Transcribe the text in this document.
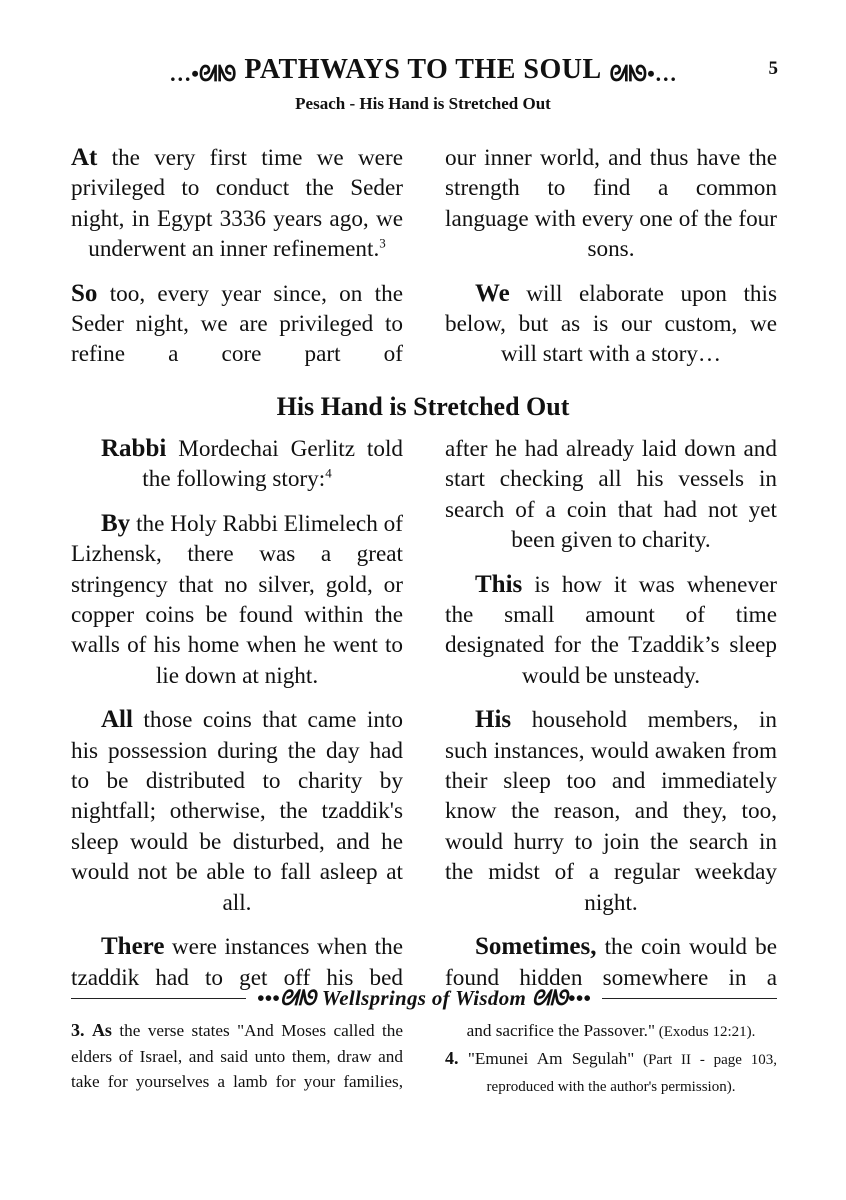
…•ᘛᘚ PATHWAYS TO THE SOUL ᘛᘚ•…	5
Pesach - His Hand is Stretched Out

At the very first time we were privileged to conduct the Seder night, in Egypt 3336 years ago, we underwent an inner refinement.$^3$

So too, every year since, on the Seder night, we are privileged to refine a core part of

our inner world, and thus have the strength to find a common language with every one of the four sons.

We will elaborate upon this below, but as is our custom, we will start with a story…

His Hand is Stretched Out

Rabbi Mordechai Gerlitz told the following story:$^4$

By the Holy Rabbi Elimelech of Lizhensk, there was a great stringency that no silver, gold, or copper coins be found within the walls of his home when he went to lie down at night.

All those coins that came into his possession during the day had to be distributed to charity by nightfall; otherwise, the tzaddik's sleep would be disturbed, and he would not be able to fall asleep at all.

There were instances when the tzaddik had to get off his bed

after he had already laid down and start checking all his vessels in search of a coin that had not yet been given to charity.

This is how it was whenever the small amount of time designated for the Tzaddik’s sleep would be unsteady.

His household members, in such instances, would awaken from their sleep too and immediately know the reason, and they, too, would hurry to join the search in the midst of a regular weekday night.

Sometimes, the coin would be found hidden somewhere in a

•••ᘛᘚ Wellsprings of Wisdom ᘛᘚ•••

3. As the verse states "And Moses called the elders of Israel, and said unto them, draw and take for yourselves a lamb for your families,

and sacrifice the Passover." (Exodus 12:21).

4. "Emunei Am Segulah" (Part II - page 103, reproduced with the author's permission).
